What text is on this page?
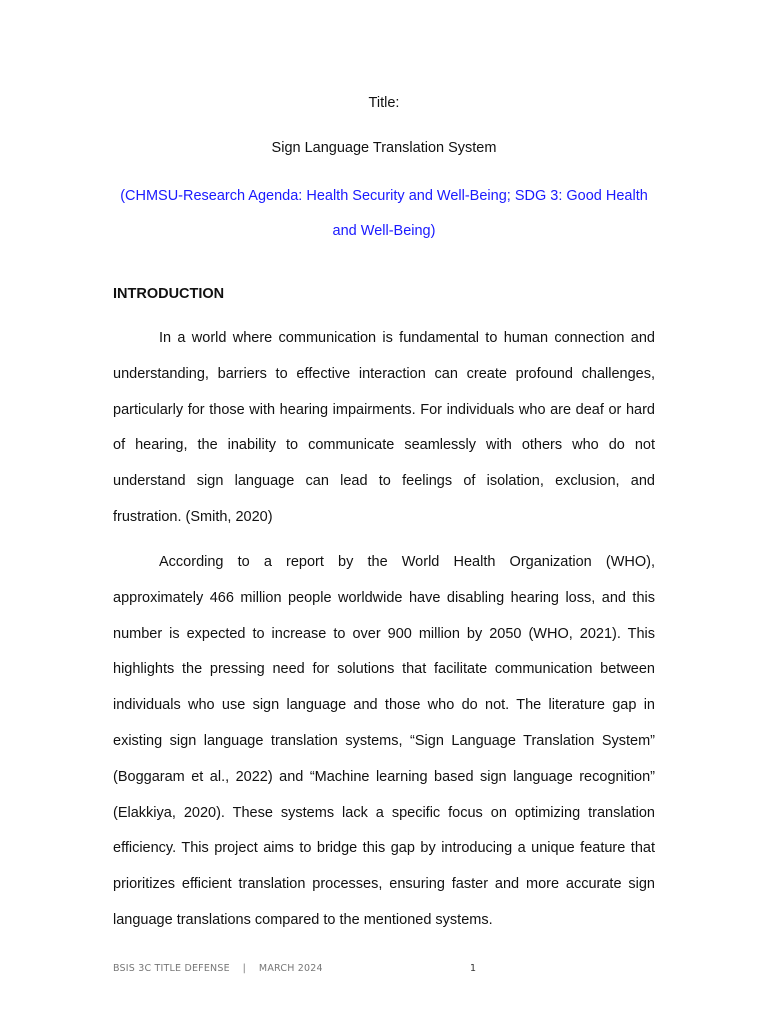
Title:
Sign Language Translation System
(CHMSU-Research Agenda: Health Security and Well-Being; SDG 3: Good Health and Well-Being)
INTRODUCTION

In a world where communication is fundamental to human connection and understanding, barriers to effective interaction can create profound challenges, particularly for those with hearing impairments. For individuals who are deaf or hard of hearing, the inability to communicate seamlessly with others who do not understand sign language can lead to feelings of isolation, exclusion, and frustration. (Smith, 2020)

According to a report by the World Health Organization (WHO), approximately 466 million people worldwide have disabling hearing loss, and this number is expected to increase to over 900 million by 2050 (WHO, 2021). This highlights the pressing need for solutions that facilitate communication between individuals who use sign language and those who do not. The literature gap in existing sign language translation systems, “Sign Language Translation System” (Boggaram et al., 2022) and “Machine learning based sign language recognition” (Elakkiya, 2020). These systems lack a specific focus on optimizing translation efficiency. This project aims to bridge this gap by introducing a unique feature that prioritizes efficient translation processes, ensuring faster and more accurate sign language translations compared to the mentioned systems.

BSIS 3C TITLE DEFENSE    |    MARCH 2024	1
